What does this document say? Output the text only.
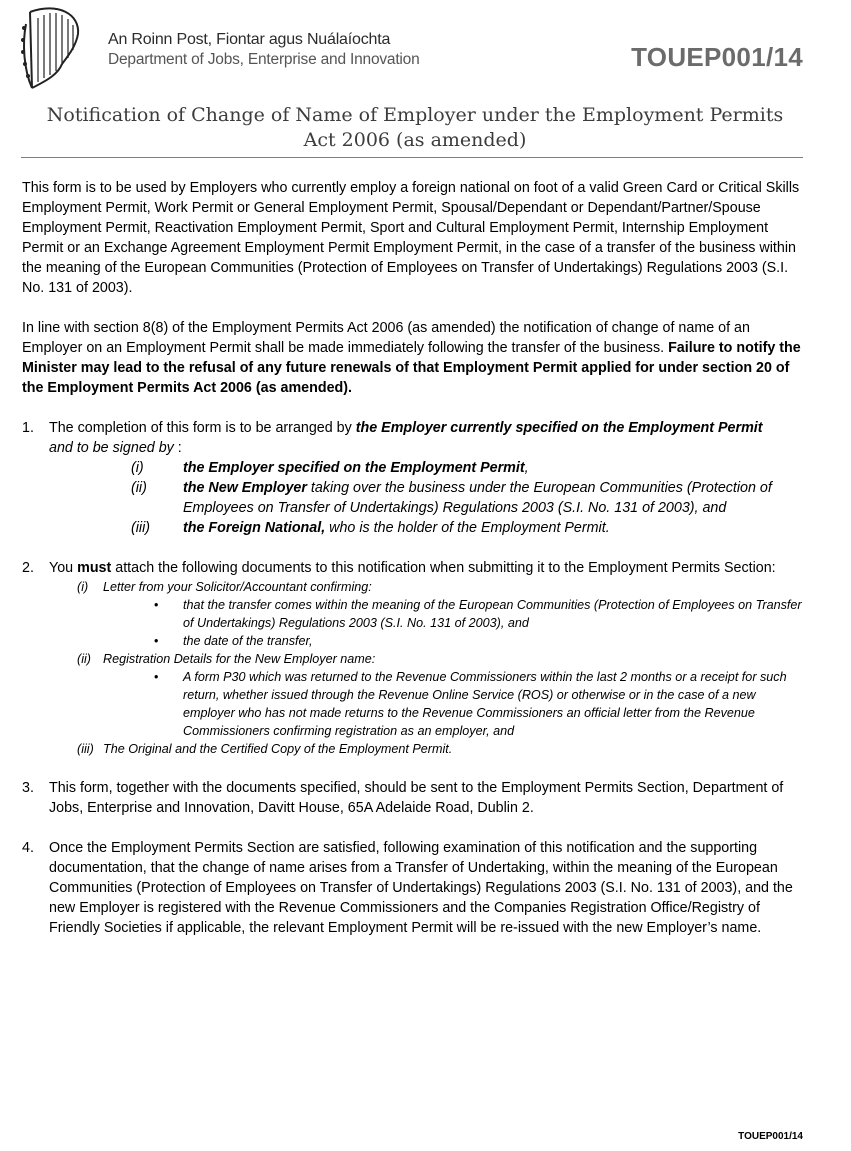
An Roinn Post, Fiontar agus Nuálaíochta
Department of Jobs, Enterprise and Innovation	TOUEP001/14
Notification of Change of Name of Employer under the Employment Permits Act 2006 (as amended)

This form is to be used by Employers who currently employ a foreign national on foot of a valid Green Card or Critical Skills Employment Permit, Work Permit or General Employment Permit, Spousal/Dependant or Dependant/Partner/Spouse Employment Permit, Reactivation Employment Permit, Sport and Cultural Employment Permit, Internship Employment Permit or an Exchange Agreement Employment Permit Employment Permit, in the case of a transfer of the business within the meaning of the European Communities (Protection of Employees on Transfer of Undertakings) Regulations 2003 (S.I. No. 131 of 2003).

In line with section 8(8) of the Employment Permits Act 2006 (as amended) the notification of change of name of an Employer on an Employment Permit shall be made immediately following the transfer of the business. Failure to notify the Minister may lead to the refusal of any future renewals of that Employment Permit applied for under section 20 of the Employment Permits Act 2006 (as amended).

1. The completion of this form is to be arranged by the Employer currently specified on the Employment Permit
and to be signed by :
(i)	the Employer specified on the Employment Permit,
(ii)	the New Employer taking over the business under the European Communities (Protection of Employees on Transfer of Undertakings) Regulations 2003 (S.I. No. 131 of 2003), and
(iii) the Foreign National, who is the holder of the Employment Permit.
2. You must attach the following documents to this notification when submitting it to the Employment Permits Section:
(i) Letter from your Solicitor/Accountant confirming:
• that the transfer comes within the meaning of the European Communities (Protection of Employees on Transfer of Undertakings) Regulations 2003 (S.I. No. 131 of 2003), and
• the date of the transfer,
(ii) Registration Details for the New Employer name:
• A form P30 which was returned to the Revenue Commissioners within the last 2 months or a receipt for such return, whether issued through the Revenue Online Service (ROS) or otherwise or in the case of a new employer who has not made returns to the Revenue Commissioners an official letter from the Revenue Commissioners confirming registration as an employer, and
(iii) The Original and the Certified Copy of the Employment Permit.
3. This form, together with the documents specified, should be sent to the Employment Permits Section, Department of Jobs, Enterprise and Innovation, Davitt House, 65A Adelaide Road, Dublin 2.
4. Once the Employment Permits Section are satisfied, following examination of this notification and the supporting documentation, that the change of name arises from a Transfer of Undertaking, within the meaning of the European Communities (Protection of Employees on Transfer of Undertakings) Regulations 2003 (S.I. No. 131 of 2003), and the new Employer is registered with the Revenue Commissioners and the Companies Registration Office/Registry of Friendly Societies if applicable, the relevant Employment Permit will be re-issued with the new Employer’s name.
TOUEP001/14
